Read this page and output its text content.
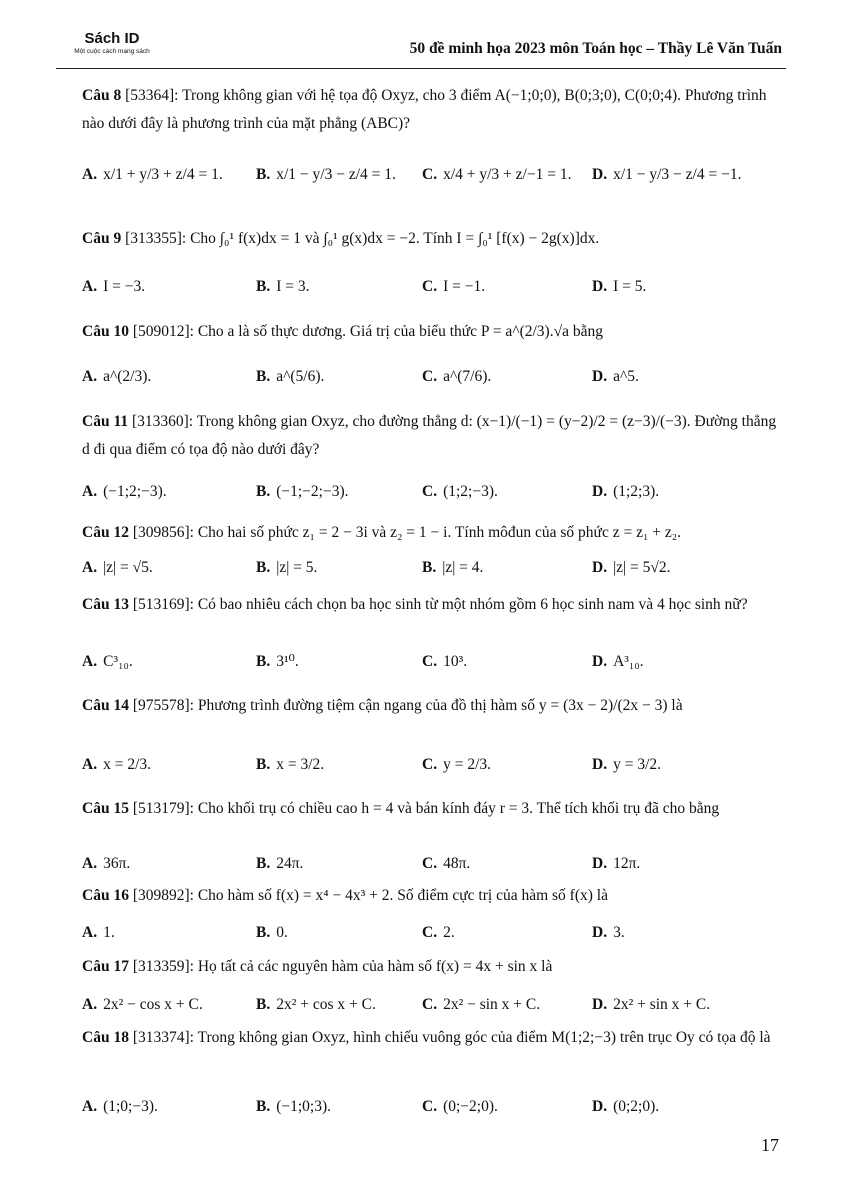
Sách ID
Một cuộc cách mạng sách	50 đề minh họa 2023 môn Toán học – Thầy Lê Văn Tuấn
Câu 8 [53364]: Trong không gian với hệ tọa độ Oxyz, cho 3 điểm A(−1;0;0), B(0;3;0), C(0;0;4). Phương trình nào dưới đây là phương trình của mặt phẳng (ABC)?
A. x/1 + y/3 + z/4 = 1. B. x/1 − y/3 − z/4 = 1. C. x/4 + y/3 + z/−1 = 1. D. x/1 − y/3 − z/4 = −1.
Câu 9 [313355]: Cho ∫₀¹ f(x)dx = 1 và ∫₀¹ g(x)dx = −2. Tính I = ∫₀¹ [f(x) − 2g(x)]dx.
A. I = −3.	B. I = 3.	C. I = −1.	D. I = 5.
Câu 10 [509012]: Cho a là số thực dương. Giá trị của biểu thức P = a^(2/3).√a bằng
A. a^(2/3).	B. a^(5/6).	C. a^(7/6).	D. a^5.
Câu 11 [313360]: Trong không gian Oxyz, cho đường thẳng d: (x−1)/(−1) = (y−2)/2 = (z−3)/(−3). Đường thẳng d đi qua điểm có tọa độ nào dưới đây?
A. (−1;2;−3).	B. (−1;−2;−3).	C. (1;2;−3).	D. (1;2;3).
Câu 12 [309856]: Cho hai số phức z₁ = 2 − 3i và z₂ = 1 − i. Tính môđun của số phức z = z₁ + z₂.
A. |z| = √5.	B. |z| = 5.	B. |z| = 4.	D. |z| = 5√2.
Câu 13 [513169]: Có bao nhiêu cách chọn ba học sinh từ một nhóm gồm 6 học sinh nam và 4 học sinh nữ?
A. C³₁₀.	B. 3¹⁰.	C. 10³.	D. A³₁₀.
Câu 14 [975578]: Phương trình đường tiệm cận ngang của đồ thị hàm số y = (3x − 2)/(2x − 3) là
A. x = 2/3.	B. x = 3/2.	C. y = 2/3.	D. y = 3/2.
Câu 15 [513179]: Cho khối trụ có chiều cao h = 4 và bán kính đáy r = 3. Thể tích khối trụ đã cho bằng
A. 36π.	B. 24π.	C. 48π.	D. 12π.
Câu 16 [309892]: Cho hàm số f(x) = x⁴ − 4x³ + 2. Số điểm cực trị của hàm số f(x) là
A. 1.	B. 0.	C. 2.	D. 3.
Câu 17 [313359]: Họ tất cả các nguyên hàm của hàm số f(x) = 4x + sin x là
A. 2x² − cos x + C.	B. 2x² + cos x + C.	C. 2x² − sin x + C.	D. 2x² + sin x + C.
Câu 18 [313374]: Trong không gian Oxyz, hình chiếu vuông góc của điểm M(1;2;−3) trên trục Oy có tọa độ là
A. (1;0;−3).	B. (−1;0;3).	C. (0;−2;0).	D. (0;2;0).
17
